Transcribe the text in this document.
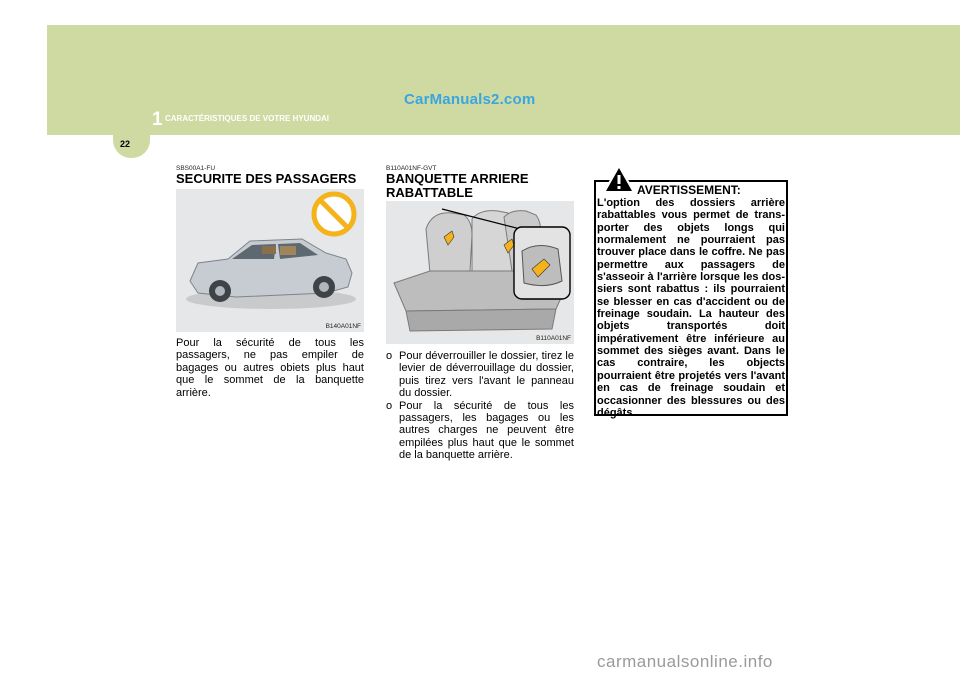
1 CARACTÉRISTIQUES DE VOTRE HYUNDAI
22
CarManuals2.com
SBS00A1-FU
SECURITE DES PASSAGERS
B140A01NF
Pour la sécurité de tous les passagers, ne pas empiler de bagages ou autres obiets plus haut que le sommet de la banquette arrière.
B110A01NF-GVT
BANQUETTE ARRIERE
RABATTABLE
B110A01NF
o Pour déverrouiller le dossier, tirez le levier de déverrouillage du dossier, puis tirez vers l'avant le panneau du dossier.
o Pour la sécurité de tous les passagers, les bagages ou les autres charges ne peuvent être empilées plus haut que le sommet de la banquette arrière.
AVERTISSEMENT:
L'option des dossiers arrière rabattables vous permet de trans-porter des objets longs qui normalement ne pourraient pas trouver place dans le coffre. Ne pas permettre aux passagers de s'asseoir à l'arrière lorsque les dos-siers sont rabattus : ils pourraient se blesser en cas d'accident ou de freinage soudain. La hauteur des objets transportés doit impérativement être inférieure au sommet des sièges avant. Dans le cas contraire, les objects pourraient être projetés vers l'avant en cas de freinage soudain et occasionner des blessures ou des dégâts.
carmanualsonline.info
